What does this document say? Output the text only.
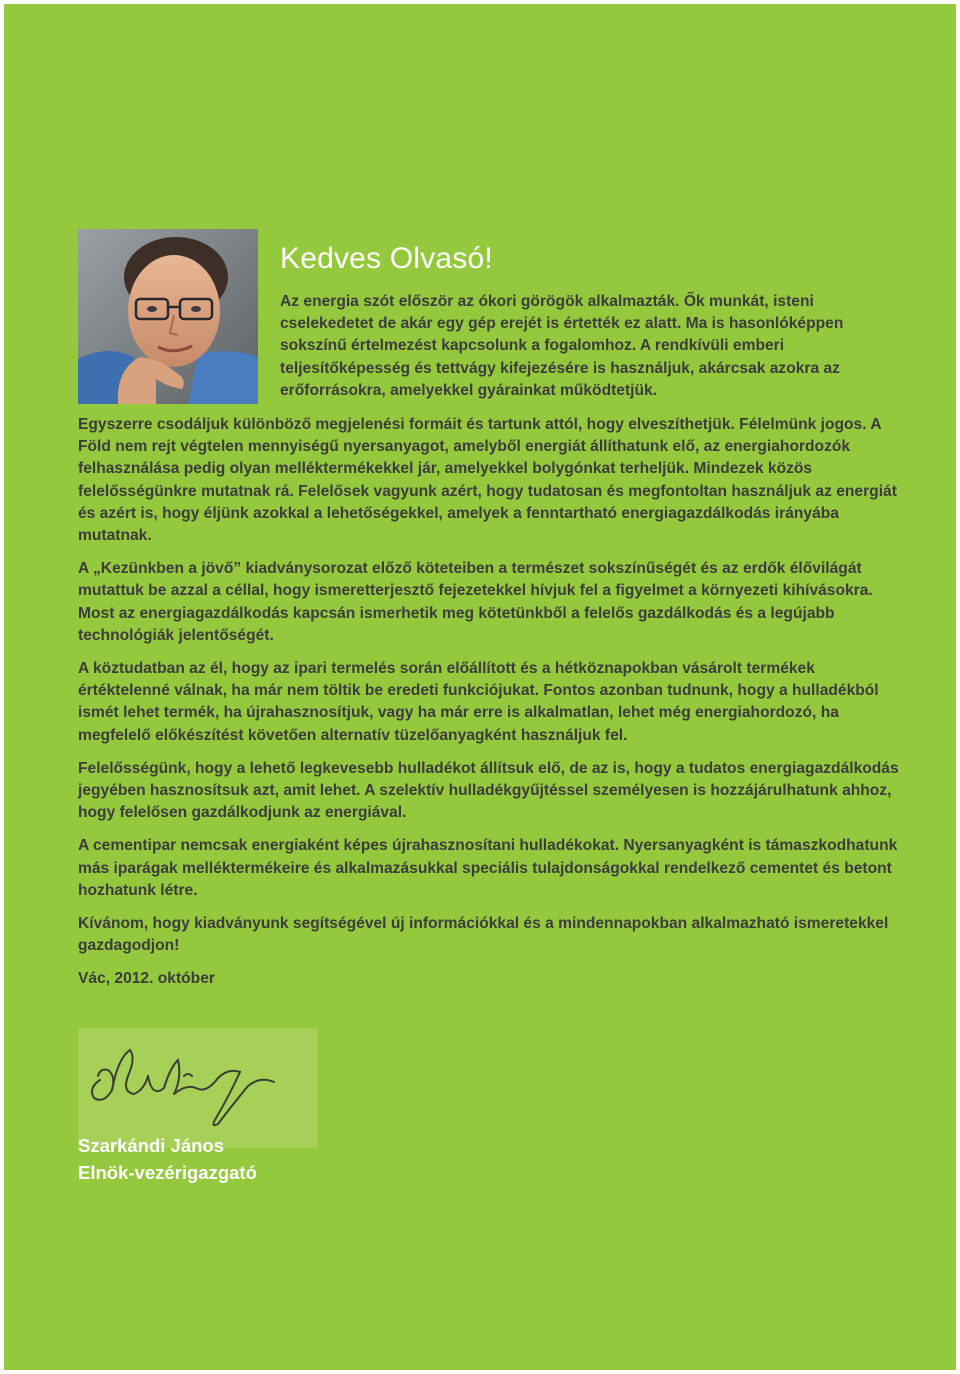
Kedves Olvasó!

Az energia szót először az ókori görögök alkalmazták. Ők munkát, isteni cselekedetet de akár egy gép erejét is értették ez alatt. Ma is hasonlóképpen sokszínű értelmezést kapcsolunk a fogalomhoz. A rendkívüli emberi teljesítőképesség és tettvágy kifejezésére is használjuk, akárcsak azokra az erőforrásokra, amelyekkel gyárainkat működtetjük.

Egyszerre csodáljuk különböző megjelenési formáit és tartunk attól, hogy elveszíthetjük. Félelmünk jogos. A Föld nem rejt végtelen mennyiségű nyersanyagot, amelyből energiát állíthatunk elő, az energiahordozók felhasználása pedig olyan melléktermékekkel jár, amelyekkel bolygónkat terheljük. Mindezek közös felelősségünkre mutatnak rá. Felelősek vagyunk azért, hogy tudatosan és megfontoltan használjuk az energiát és azért is, hogy éljünk azokkal a lehetőségekkel, amelyek a fenntartható energiagazdálkodás irányába mutatnak.

A „Kezünkben a jövő” kiadványsorozat előző köteteiben a természet sokszínűségét és az erdők élővilágát mutattuk be azzal a céllal, hogy ismeretterjesztő fejezetekkel hívjuk fel a figyelmet a környezeti kihívásokra. Most az energiagazdálkodás kapcsán ismerhetik meg kötetünkből a felelős gazdálkodás és a legújabb technológiák jelentőségét.

A köztudatban az él, hogy az ipari termelés során előállított és a hétköznapokban vásárolt termékek értéktelenné válnak, ha már nem töltik be eredeti funkciójukat. Fontos azonban tudnunk, hogy a hulladékból ismét lehet termék, ha újrahasznosítjuk, vagy ha már erre is alkalmatlan, lehet még energiahordozó, ha megfelelő előkészítést követően alternatív tüzelőanyagként használjuk fel.

Felelősségünk, hogy a lehető legkevesebb hulladékot állítsuk elő, de az is, hogy a tudatos energiagazdálkodás jegyében hasznosítsuk azt, amit lehet. A szelektív hulladékgyűjtéssel személyesen is hozzájárulhatunk ahhoz, hogy felelősen gazdálkodjunk az energiával.

A cementipar nemcsak energiaként képes újrahasznosítani hulladékokat. Nyersanyagként is támaszkodhatunk más iparágak melléktermékeire és alkalmazásukkal speciális tulajdonságokkal rendelkező cementet és betont hozhatunk létre.

Kívánom, hogy kiadványunk segítségével új információkkal és a mindennapokban alkalmazható ismeretekkel gazdagodjon!

Vác, 2012. október

Szarkándi János
Elnök-vezérigazgató
